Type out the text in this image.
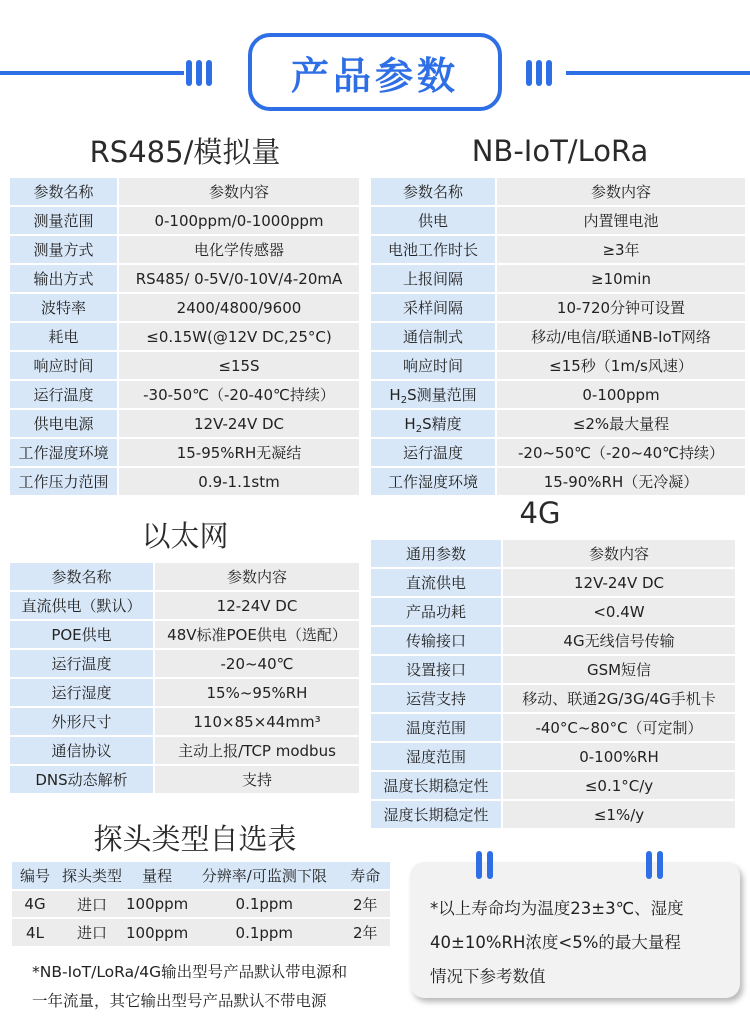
产品参数
RS485/模拟量
参数名称	参数内容
测量范围	0-100ppm/0-1000ppm
测量方式	电化学传感器
输出方式	RS485/ 0-5V/0-10V/4-20mA
波特率	2400/4800/9600
耗电	≤0.15W(@12V DC,25°C)
响应时间	≤15S
运行温度	-30-50℃（-20-40℃持续）
供电电源	12V-24V DC
工作湿度环境	15-95%RH无凝结
工作压力范围	0.9-1.1stm
NB-IoT/LoRa
参数名称	参数内容
供电	内置锂电池
电池工作时长	≥3年
上报间隔	≥10min
采样间隔	10-720分钟可设置
通信制式	移动/电信/联通NB-IoT网络
响应时间	≤15秒（1m/s风速）
$H_2S$测量范围	0-100ppm
$H_2S$精度	≤2%最大量程
运行温度	-20~50℃（-20~40℃持续）
工作湿度环境	15-90%RH（无冷凝）
以太网
参数名称	参数内容
直流供电（默认）	12-24V DC
POE供电	48V标准POE供电（选配）
运行温度	-20~40℃
运行湿度	15%~95%RH
外形尺寸	110×85×44mm³
通信协议	主动上报/TCP modbus
DNS动态解析	支持
4G
通用参数	参数内容
直流供电	12V-24V DC
产品功耗	<0.4W
传输接口	4G无线信号传输
设置接口	GSM短信
运营支持	移动、联通2G/3G/4G手机卡
温度范围	-40°C~80°C（可定制）
湿度范围	0-100%RH
温度长期稳定性	≤0.1°C/y
湿度长期稳定性	≤1%/y
探头类型自选表
编号	探头类型	量程	分辨率/可监测下限	寿命
4G	进口	100ppm	0.1ppm	2年
4L	进口	100ppm	0.1ppm	2年
*NB-IoT/LoRa/4G输出型号产品默认带电源和
一年流量，其它输出型号产品默认不带电源
*以上寿命均为温度23±3℃、湿度
40±10%RH浓度<5%的最大量程
情况下参考数值
